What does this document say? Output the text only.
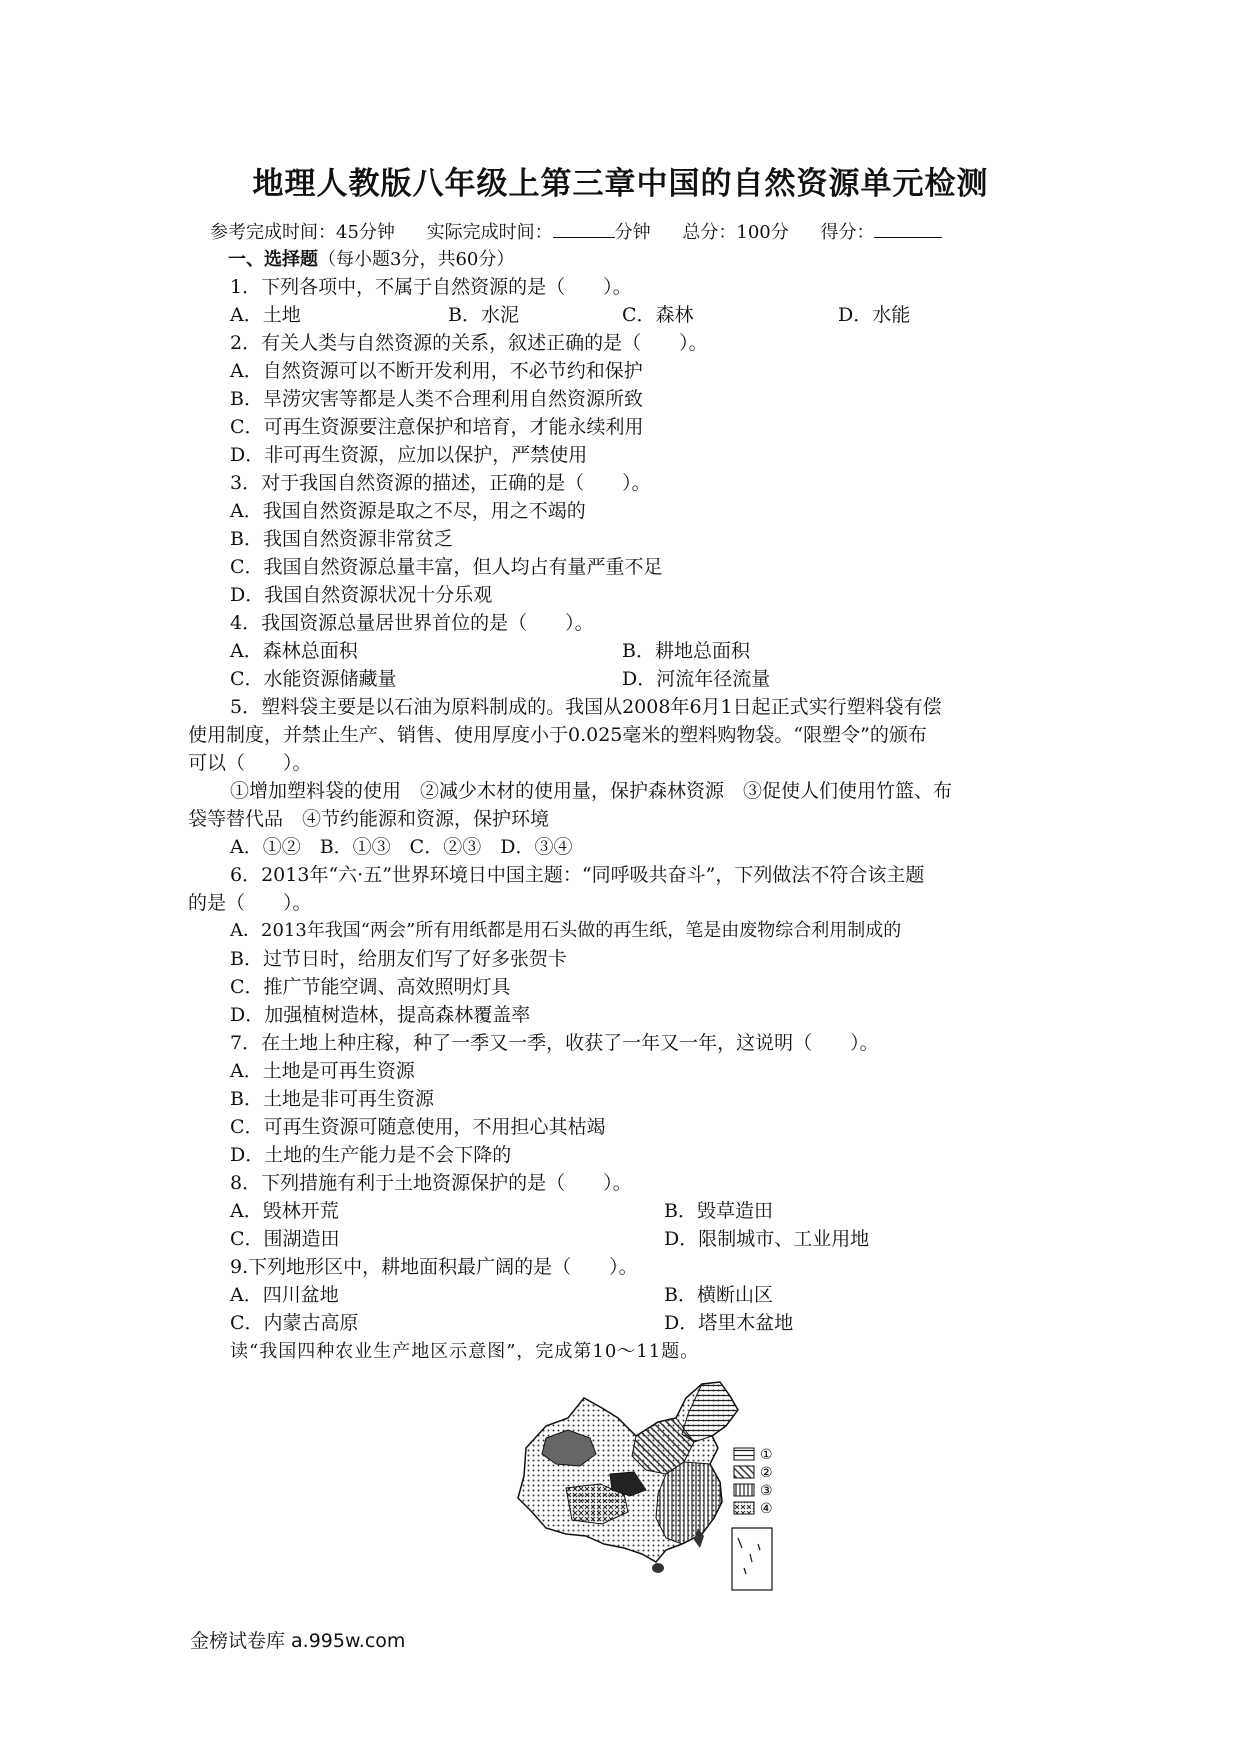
地理人教版八年级上第三章中国的自然资源单元检测
参考完成时间：45分钟 实际完成时间：	分钟 总分：100分 得分：
一、选择题（每小题3分，共60分）
1．下列各项中，不属于自然资源的是（　　）。
A．土地	B．水泥	C．森林	D．水能
2．有关人类与自然资源的关系，叙述正确的是（　　）。
A．自然资源可以不断开发利用，不必节约和保护
B．旱涝灾害等都是人类不合理利用自然资源所致
C．可再生资源要注意保护和培育，才能永续利用
D．非可再生资源，应加以保护，严禁使用
3．对于我国自然资源的描述，正确的是（　　）。
A．我国自然资源是取之不尽，用之不竭的
B．我国自然资源非常贫乏
C．我国自然资源总量丰富，但人均占有量严重不足
D．我国自然资源状况十分乐观
4．我国资源总量居世界首位的是（　　）。
A．森林总面积	B．耕地总面积
C．水能资源储藏量	D．河流年径流量
5．塑料袋主要是以石油为原料制成的。我国从2008年6月1日起正式实行塑料袋有偿
使用制度，并禁止生产、销售、使用厚度小于0.025毫米的塑料购物袋。“限塑令”的颁布
可以（　　）。
①增加塑料袋的使用　②减少木材的使用量，保护森林资源　③促使人们使用竹篮、布
袋等替代品　④节约能源和资源，保护环境
A．①②　B．①③　C．②③　D．③④
6．2013年“六·五”世界环境日中国主题：“同呼吸共奋斗”，下列做法不符合该主题
的是（　　）。
A．2013年我国“两会”所有用纸都是用石头做的再生纸，笔是由废物综合利用制成的
B．过节日时，给朋友们写了好多张贺卡
C．推广节能空调、高效照明灯具
D．加强植树造林，提高森林覆盖率
7．在土地上种庄稼，种了一季又一季，收获了一年又一年，这说明（　　）。
A．土地是可再生资源
B．土地是非可再生资源
C．可再生资源可随意使用，不用担心其枯竭
D．土地的生产能力是不会下降的
8．下列措施有利于土地资源保护的是（　　）。
A．毁林开荒	B．毁草造田
C．围湖造田	D．限制城市、工业用地
9.下列地形区中，耕地面积最广阔的是（　　）。
A．四川盆地	B．横断山区
C．内蒙古高原	D．塔里木盆地
读“我国四种农业生产地区示意图”，完成第10～11题。
①
②
③
④
金榜试卷库 a.995w.com
